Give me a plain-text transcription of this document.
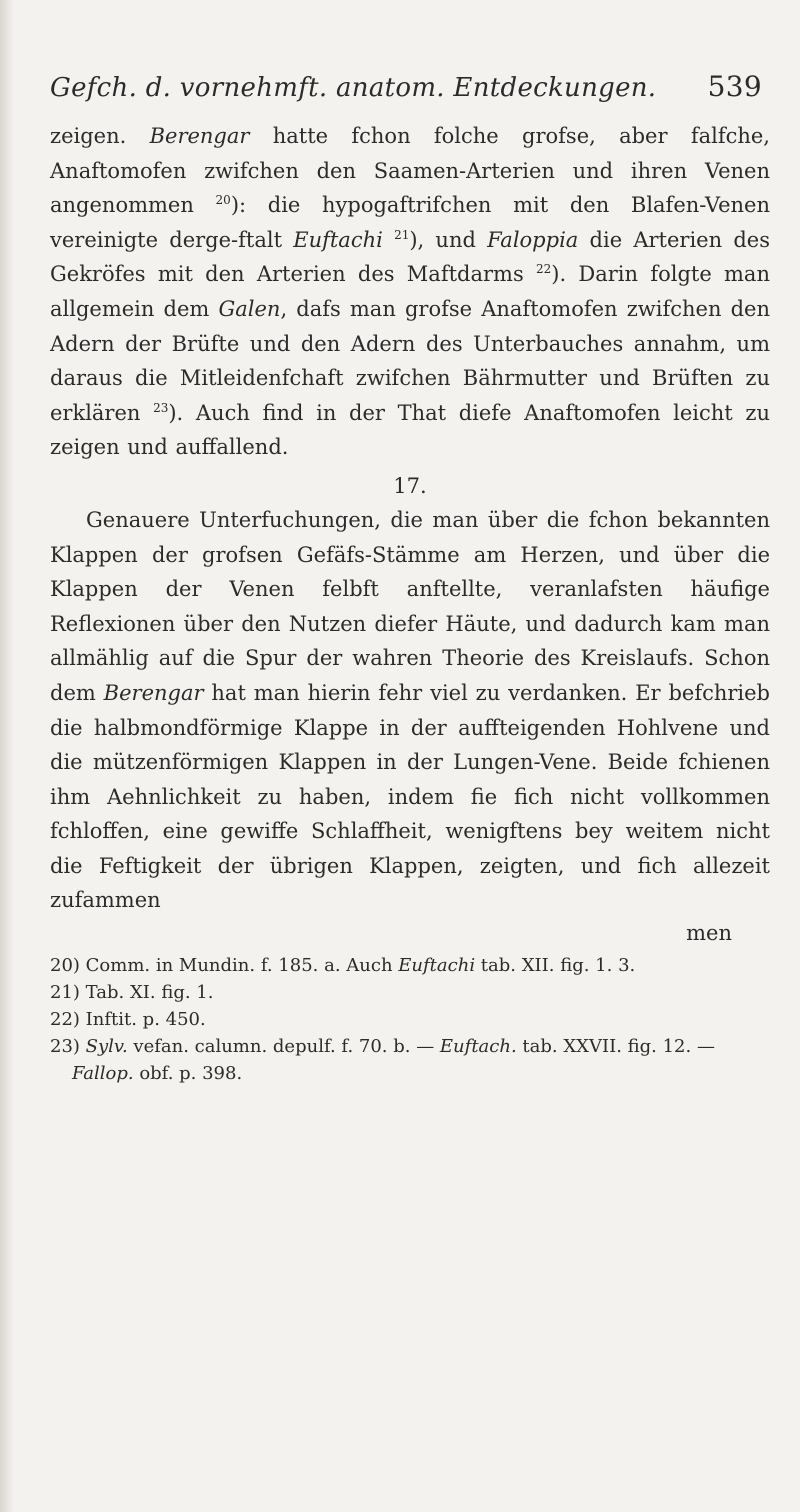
Gefch. d. vornehmft. anatom. Entdeckungen. 539

zeigen. Berengar hatte fchon folche grofse, aber falfche, Anaftomofen zwifchen den Saamen-Arterien und ihren Venen angenommen $^{20}$): die hypogaftrifchen mit den Blafen-Venen vereinigte derge-ftalt Euftachi $^{21}$), und Faloppia die Arterien des Gekröfes mit den Arterien des Maftdarms $^{22}$). Darin folgte man allgemein dem Galen, dafs man grofse Anaftomofen zwifchen den Adern der Brüfte und den Adern des Unterbauches annahm, um daraus die Mitleidenfchaft zwifchen Bährmutter und Brüften zu erklären $^{23}$). Auch find in der That diefe Anaftomofen leicht zu zeigen und auffallend.

17.

Genauere Unterfuchungen, die man über die fchon bekannten Klappen der grofsen Gefäfs-Stämme am Herzen, und über die Klappen der Venen felbft anftellte, veranlafsten häufige Reflexionen über den Nutzen diefer Häute, und dadurch kam man allmählig auf die Spur der wahren Theorie des Kreislaufs. Schon dem Berengar hat man hierin fehr viel zu verdanken. Er befchrieb die halbmondförmige Klappe in der auffteigenden Hohlvene und die mützenförmigen Klappen in der Lungen-Vene. Beide fchienen ihm Aehnlichkeit zu haben, indem fie fich nicht vollkommen fchloffen, eine gewiffe Schlaffheit, wenigftens bey weitem nicht die Feftigkeit der übrigen Klappen, zeigten, und fich allezeit zufammen

men

20) Comm. in Mundin. f. 185. a. Auch Euftachi tab. XII. fig. 1. 3.

21) Tab. XI. fig. 1.

22) Inftit. p. 450.

23) Sylv. vefan. calumn. depulf. f. 70. b. — Euftach. tab. XXVII. fig. 12. — Fallop. obf. p. 398.
